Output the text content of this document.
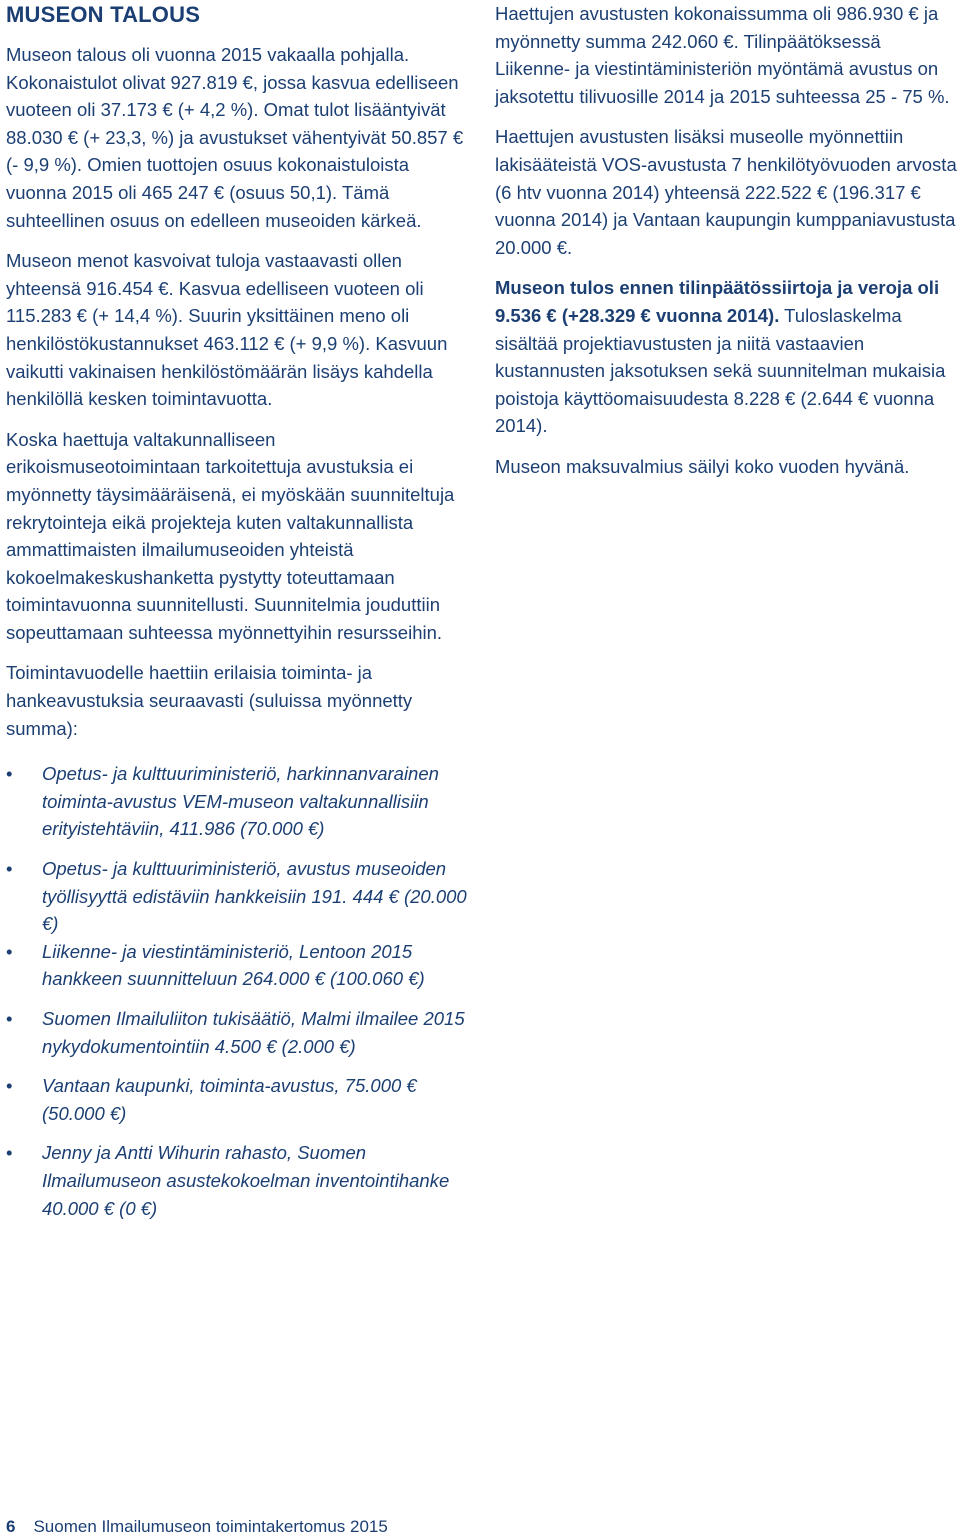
MUSEON TALOUS

Museon talous oli vuonna 2015 vakaalla pohjalla. Kokonaistulot olivat 927.819 €, jossa kasvua edelliseen vuoteen oli 37.173 € (+ 4,2 %). Omat tulot lisääntyivät 88.030 € (+ 23,3, %) ja avustukset vähentyivät 50.857 € (- 9,9 %). Omien tuottojen osuus kokonaistuloista vuonna 2015 oli 465 247 € (osuus 50,1). Tämä suhteellinen osuus on edelleen museoiden kärkeä.

Museon menot kasvoivat tuloja vastaavasti ollen yhteensä 916.454 €. Kasvua edelliseen vuoteen oli 115.283 € (+ 14,4 %). Suurin yksittäinen meno oli henkilöstökustannukset 463.112 € (+ 9,9 %). Kasvuun vaikutti vakinaisen henkilöstömäärän lisäys kahdella henkilöllä kesken toimintavuotta.

Koska haettuja valtakunnalliseen erikoismuseotoimintaan tarkoitettuja avustuksia ei myönnetty täysimääräisenä, ei myöskään suunniteltuja rekrytointeja eikä projekteja kuten valtakunnallista ammattimaisten ilmailumuseoiden yhteistä kokoelmakeskushanketta pystytty toteuttamaan toimintavuonna suunnitellusti. Suunnitelmia jouduttiin sopeuttamaan suhteessa myönnettyihin resursseihin.

Toimintavuodelle haettiin erilaisia toiminta- ja hankeavustuksia seuraavasti (suluissa myönnetty summa):

• Opetus- ja kulttuuriministeriö, harkinnanvarainen toiminta-avustus VEM-museon valtakunnallisiin erityistehtäviin, 411.986 (70.000 €)
• Opetus- ja kulttuuriministeriö, avustus museoiden työllisyyttä edistäviin hankkeisiin 191. 444 € (20.000 €)
• Liikenne- ja viestintäministeriö, Lentoon 2015 hankkeen suunnitteluun 264.000 € (100.060 €)
• Suomen Ilmailuliiton tukisäätiö, Malmi ilmailee 2015 nykydokumentointiin 4.500 € (2.000 €)
• Vantaan kaupunki, toiminta-avustus, 75.000 € (50.000 €)
• Jenny ja Antti Wihurin rahasto, Suomen Ilmailumuseon asustekokoelman inventointihanke 40.000 € (0 €)

Haettujen avustusten kokonaissumma oli 986.930 € ja myönnetty summa 242.060 €. Tilinpäätöksessä Liikenne- ja viestintäministeriön myöntämä avustus on jaksotettu tilivuosille 2014 ja 2015 suhteessa 25 - 75 %.

Haettujen avustusten lisäksi museolle myönnettiin lakisääteistä VOS-avustusta 7 henkilötyövuoden arvosta (6 htv vuonna 2014) yhteensä 222.522 € (196.317 € vuonna 2014) ja Vantaan kaupungin kumppaniavustusta 20.000 €.

Museon tulos ennen tilinpäätössiirtoja ja veroja oli 9.536 € (+28.329 € vuonna 2014). Tuloslaskelma sisältää projektiavustusten ja niitä vastaavien kustannusten jaksotuksen sekä suunnitelman mukaisia poistoja käyttöomaisuudesta 8.228 € (2.644 € vuonna 2014).

Museon maksuvalmius säilyi koko vuoden hyvänä.

6 Suomen Ilmailumuseon toimintakertomus 2015
